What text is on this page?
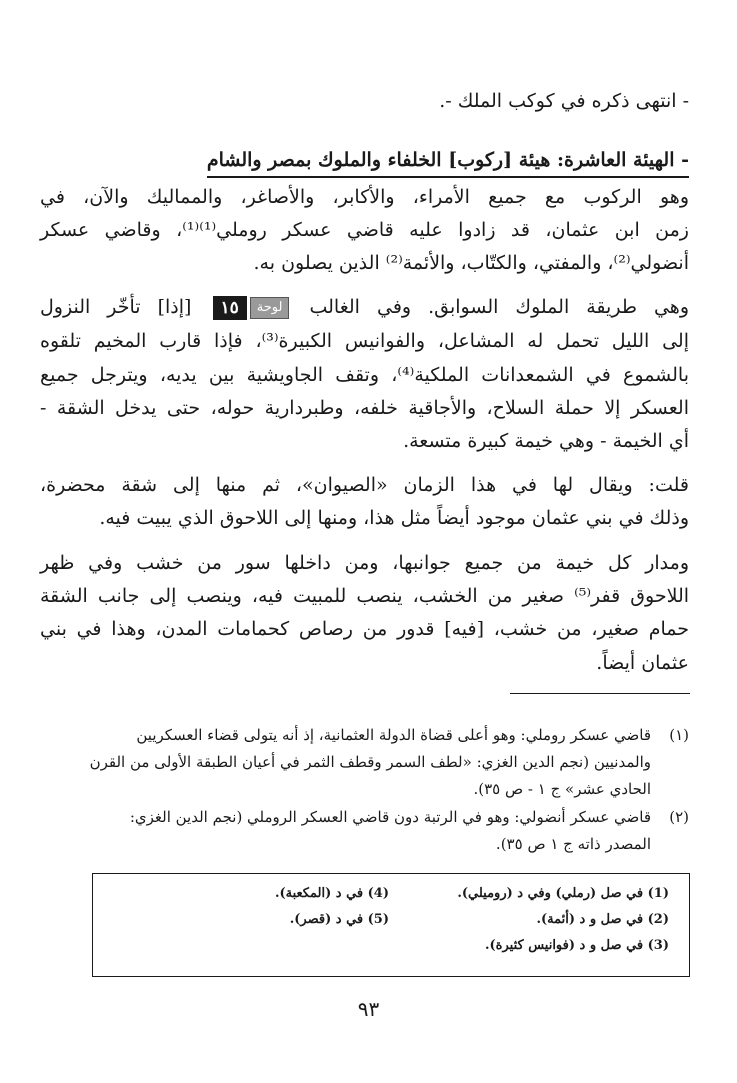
- انتهى ذكره في كوكب الملك -.
- الهيئة العاشرة: هيئة [ركوب] الخلفاء والملوك بمصر والشام
وهو الركوب مع جميع الأمراء، والأكابر، والأصاغر، والمماليك والآن، في
زمن ابن عثمان، قد زادوا عليه قاضي عسكر روملي⁽¹⁾⁽¹⁾، وقاضي عسكر
أنضولي⁽²⁾، والمفتي، والكتّاب، والأئمة⁽²⁾ الذين يصلون به.
وهي طريقة الملوك السوابق. وفي الغالب لوحة١٥ [إذا] تأخّر النزول
إلى الليل تحمل له المشاعل، والفوانيس الكبيرة⁽³⁾، فإذا قارب المخيم تلقوه
بالشموع في الشمعدانات الملكية⁽⁴⁾، وتقف الجاويشية بين يديه، ويترجل جميع
العسكر إلا حملة السلاح، والأجاقية خلفه، وطبردارية حوله، حتى يدخل الشقة -
أي الخيمة - وهي خيمة كبيرة متسعة.
قلت: ويقال لها في هذا الزمان «الصيوان»، ثم منها إلى شقة محضرة،
وذلك في بني عثمان موجود أيضاً مثل هذا، ومنها إلى اللاحوق الذي يبيت فيه.
ومدار كل خيمة من جميع جوانبها، ومن داخلها سور من خشب وفي ظهر
اللاحوق قفر⁽⁵⁾ صغير من الخشب، ينصب للمبيت فيه، وينصب إلى جانب الشقة
حمام صغير، من خشب، [فيه] قدور من رصاص كحمامات المدن، وهذا في بني
عثمان أيضاً.
(١)قاضي عسكر روملي: وهو أعلى قضاة الدولة العثمانية، إذ أنه يتولى قضاء العسكريين
والمدنيين (نجم الدين الغزي: «لطف السمر وقطف الثمر في أعيان الطبقة الأولى من القرن
الحادي عشر» ج ١ - ص ٣٥).
(٢)قاضي عسكر أنضولي: وهو في الرتبة دون قاضي العسكر الروملي (نجم الدين الغزي:
المصدر ذاته ج ١ ص ٣٥).
(1) في صل (رملي) وفي د (روميلي).
(2) في صل و د (أئمة).
(3) في صل و د (فوانيس كثيرة).
(4) في د (المكعبة).
(5) في د (قصر).
٩٣
